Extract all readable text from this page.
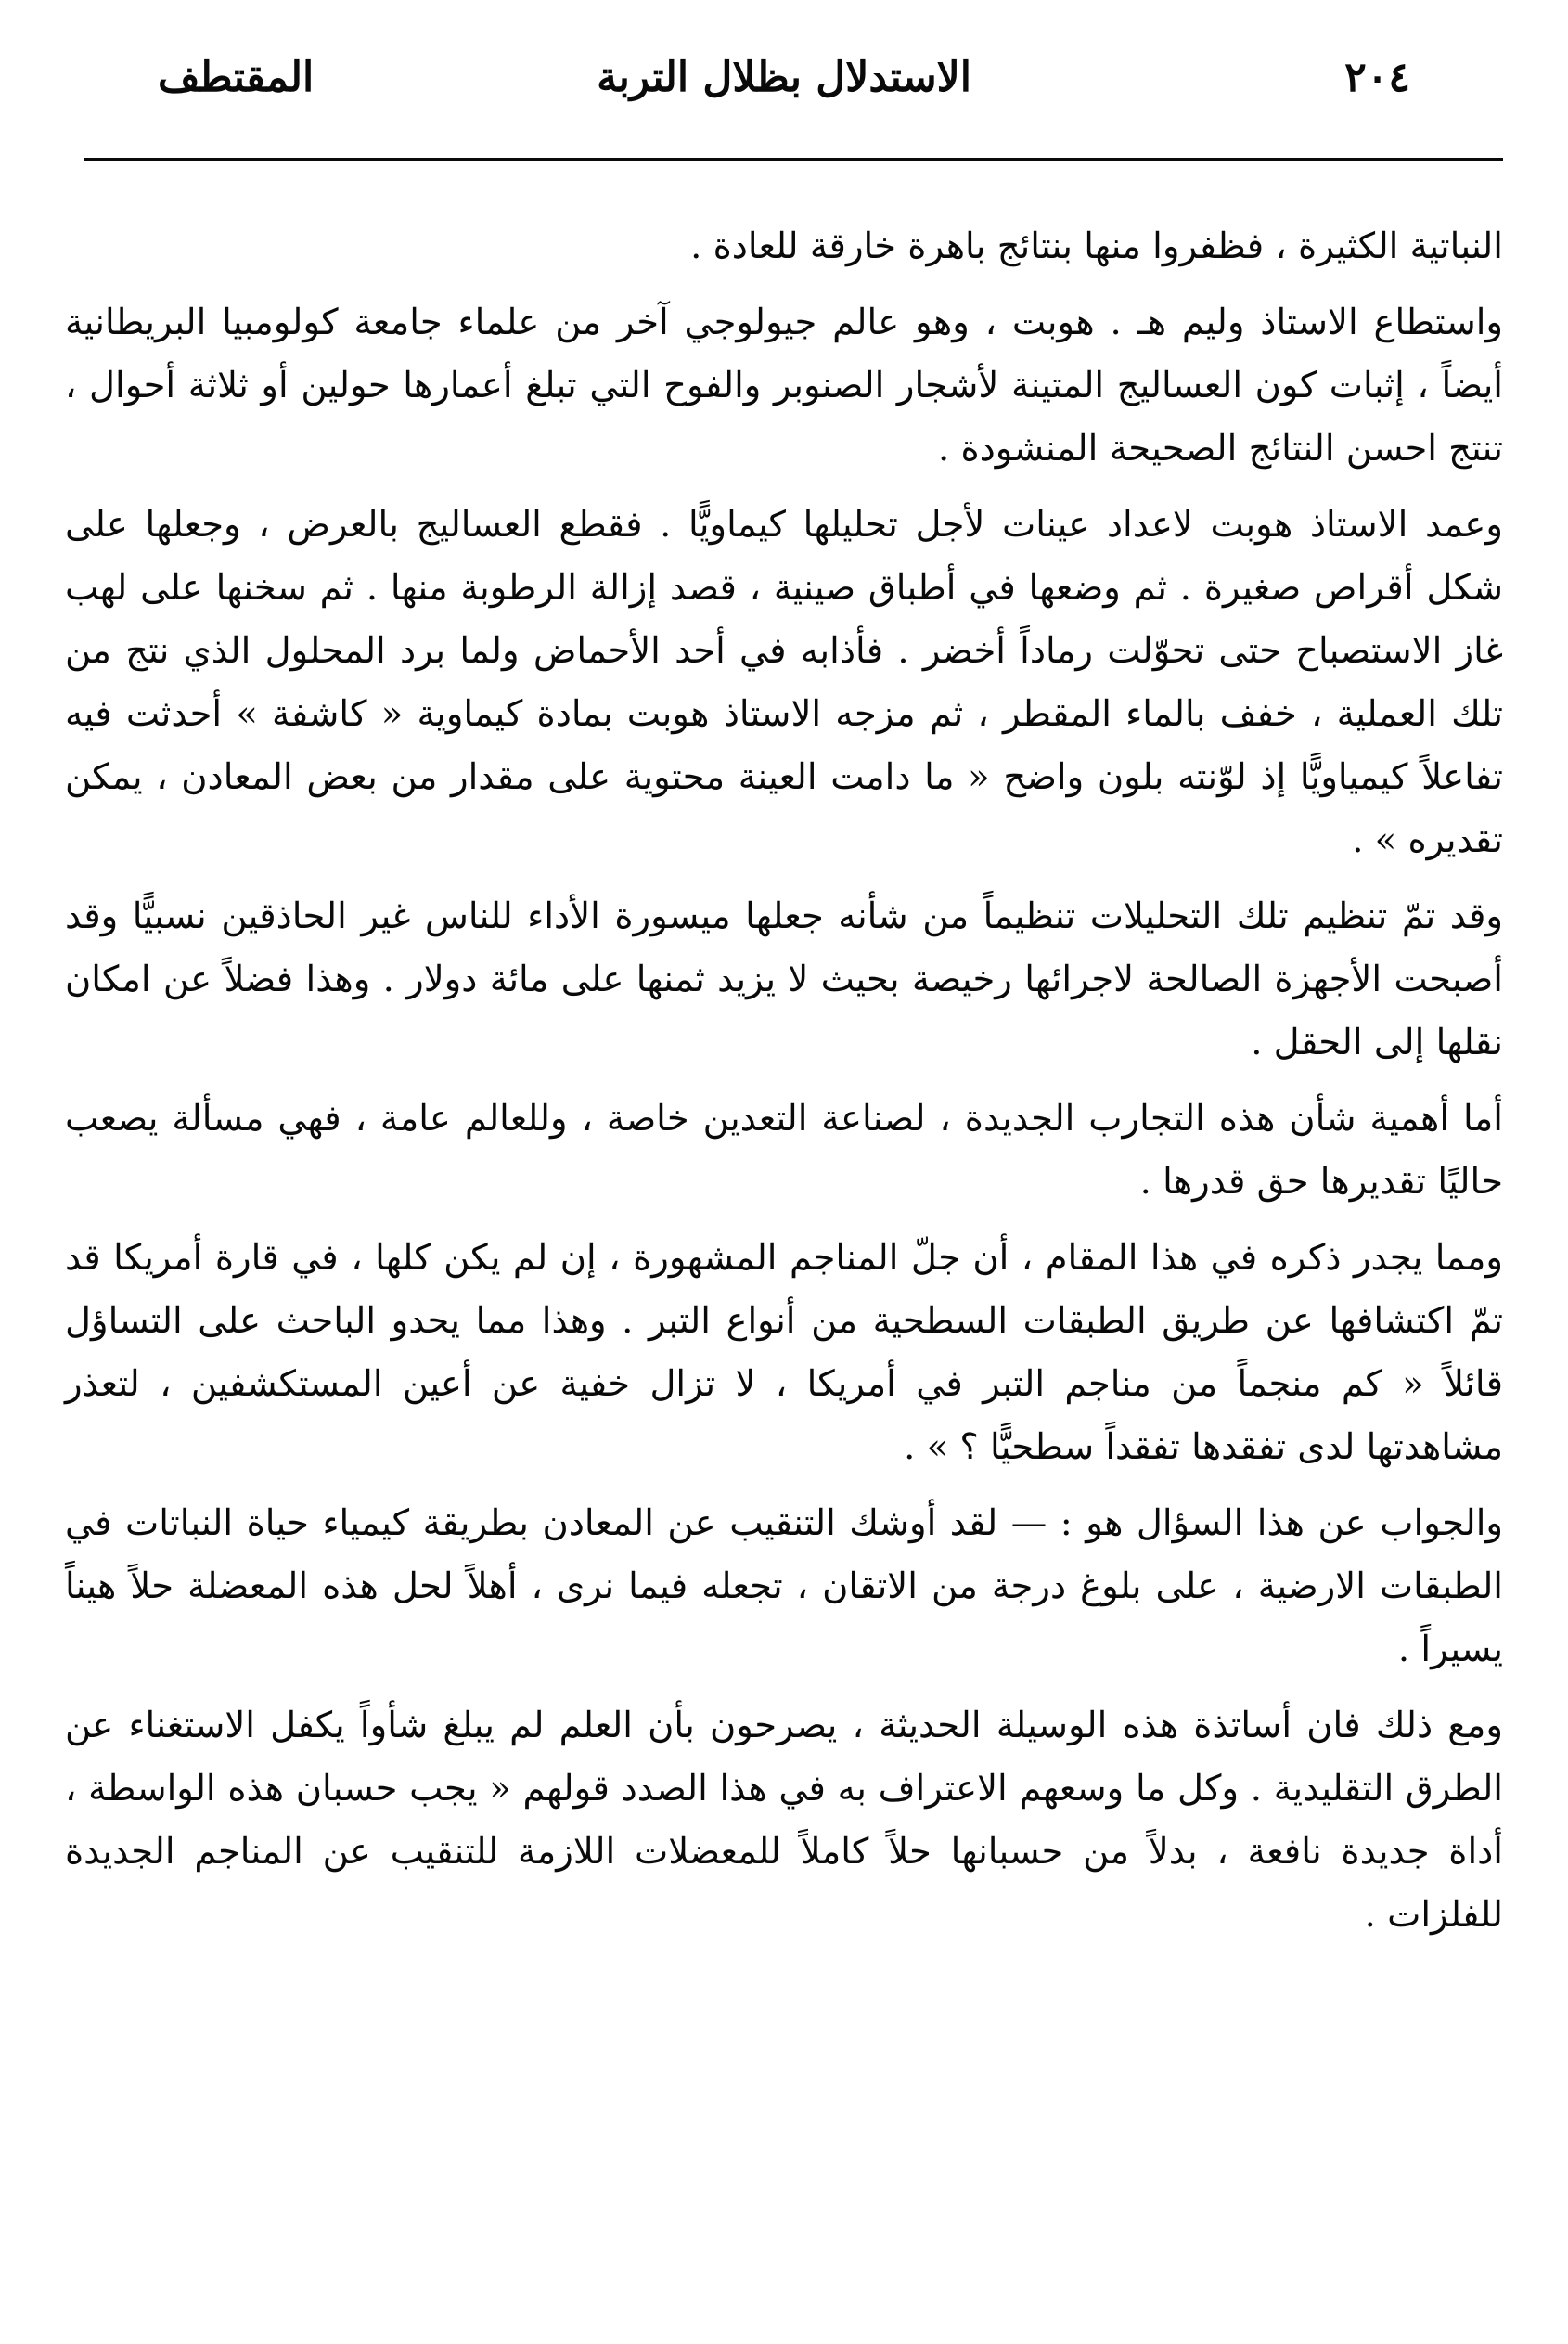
٢٠٤
الاستدلال بظلال التربة
المقتطف

النباتية الكثيرة ، فظفروا منها بنتائج باهرة خارقة للعادة .

واستطاع الاستاذ وليم هـ . هوبت ، وهو عالم جيولوجي آخر من علماء جامعة كولومبيا البريطانية أيضاً ، إثبات كون العساليج المتينة لأشجار الصنوبر والفوح التي تبلغ أعمارها حولين أو ثلاثة أحوال ، تنتج احسن النتائج الصحيحة المنشودة .

وعمد الاستاذ هوبت لاعداد عينات لأجل تحليلها كيماويًّا . فقطع العساليج بالعرض ، وجعلها على شكل أقراص صغيرة . ثم وضعها في أطباق صينية ، قصد إزالة الرطوبة منها . ثم سخنها على لهب غاز الاستصباح حتى تحوّلت رماداً أخضر . فأذابه في أحد الأحماض ولما برد المحلول الذي نتج من تلك العملية ، خفف بالماء المقطر ، ثم مزجه الاستاذ هوبت بمادة كيماوية « كاشفة » أحدثت فيه تفاعلاً كيمياويًّا إذ لوّنته بلون واضح « ما دامت العينة محتوية على مقدار من بعض المعادن ، يمكن تقديره » .

وقد تمّ تنظيم تلك التحليلات تنظيماً من شأنه جعلها ميسورة الأداء للناس غير الحاذقين نسبيًّا وقد أصبحت الأجهزة الصالحة لاجرائها رخيصة بحيث لا يزيد ثمنها على مائة دولار . وهذا فضلاً عن امكان نقلها إلى الحقل .

أما أهمية شأن هذه التجارب الجديدة ، لصناعة التعدين خاصة ، وللعالم عامة ، فهي مسألة يصعب حاليًا تقديرها حق قدرها .

ومما يجدر ذكره في هذا المقام ، أن جلّ المناجم المشهورة ، إن لم يكن كلها ، في قارة أمريكا قد تمّ اكتشافها عن طريق الطبقات السطحية من أنواع التبر . وهذا مما يحدو الباحث على التساؤل قائلاً « كم منجماً من مناجم التبر في أمريكا ، لا تزال خفية عن أعين المستكشفين ، لتعذر مشاهدتها لدى تفقدها تفقداً سطحيًّا ؟ » .

والجواب عن هذا السؤال هو : — لقد أوشك التنقيب عن المعادن بطريقة كيمياء حياة النباتات في الطبقات الارضية ، على بلوغ درجة من الاتقان ، تجعله فيما نرى ، أهلاً لحل هذه المعضلة حلاً هيناً يسيراً .

ومع ذلك فان أساتذة هذه الوسيلة الحديثة ، يصرحون بأن العلم لم يبلغ شأواً يكفل الاستغناء عن الطرق التقليدية . وكل ما وسعهم الاعتراف به في هذا الصدد قولهم « يجب حسبان هذه الواسطة ، أداة جديدة نافعة ، بدلاً من حسبانها حلاً كاملاً للمعضلات اللازمة للتنقيب عن المناجم الجديدة للفلزات .
